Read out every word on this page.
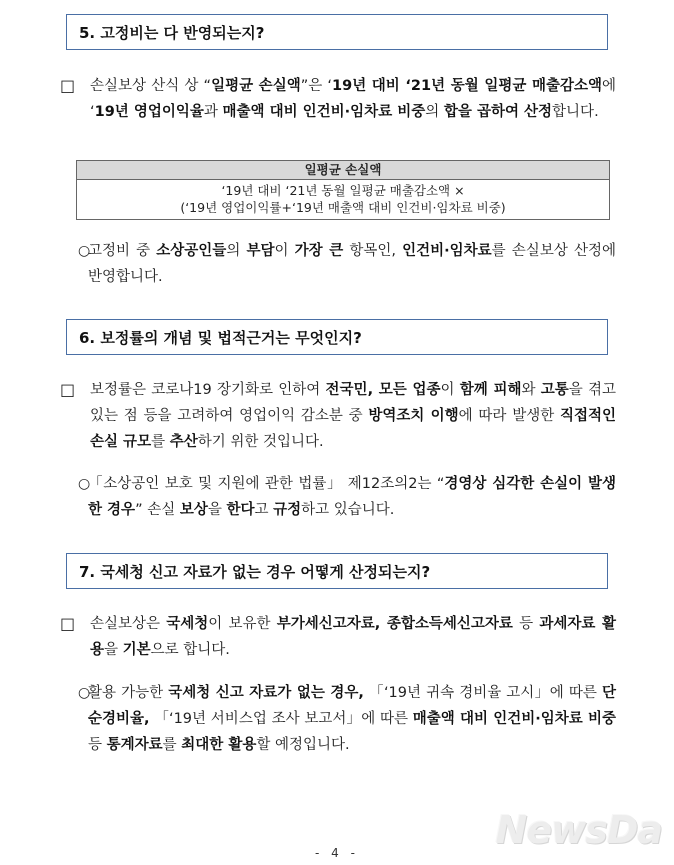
5. 고정비는 다 반영되는지?
□	손실보상 산식 상 “일평균 손실액”은 ‘19년 대비 ‘21년 동월 일평균 매출감소액에 ‘19년 영업이익율과 매출액 대비 인건비·임차료 비중의 합을 곱하여 산정합니다.
일평균 손실액
‘19년 대비 ‘21년 동월 일평균 매출감소액 ×
(‘19년 영업이익률+‘19년 매출액 대비 인건비·임차료 비중)
○
고정비 중 소상공인들의 부담이 가장 큰 항목인, 인건비·임차료를 손실보상 산정에 반영합니다.
6. 보정률의 개념 및 법적근거는 무엇인지?
□	보정률은 코로나19 장기화로 인하여 전국민, 모든 업종이 함께 피해와 고통을 겪고 있는 점 등을 고려하여 영업이익 감소분 중 방역조치 이행에 따라 발생한 직접적인 손실 규모를 추산하기 위한 것입니다.
○
「소상공인 보호 및 지원에 관한 법률」 제12조의2는 “경영상 심각한 손실이 발생한 경우” 손실 보상을 한다고 규정하고 있습니다.
7. 국세청 신고 자료가 없는 경우 어떻게 산정되는지?
□	손실보상은 국세청이 보유한 부가세신고자료, 종합소득세신고자료 등 과세자료 활용을 기본으로 합니다.
○
활용 가능한 국세청 신고 자료가 없는 경우, 「‘19년 귀속 경비율 고시」에 따른 단순경비율, 「‘19년 서비스업 조사 보고서」에 따른 매출액 대비 인건비·임차료 비중 등 통계자료를 최대한 활용할 예정입니다.
NewsDa
- 4 -
